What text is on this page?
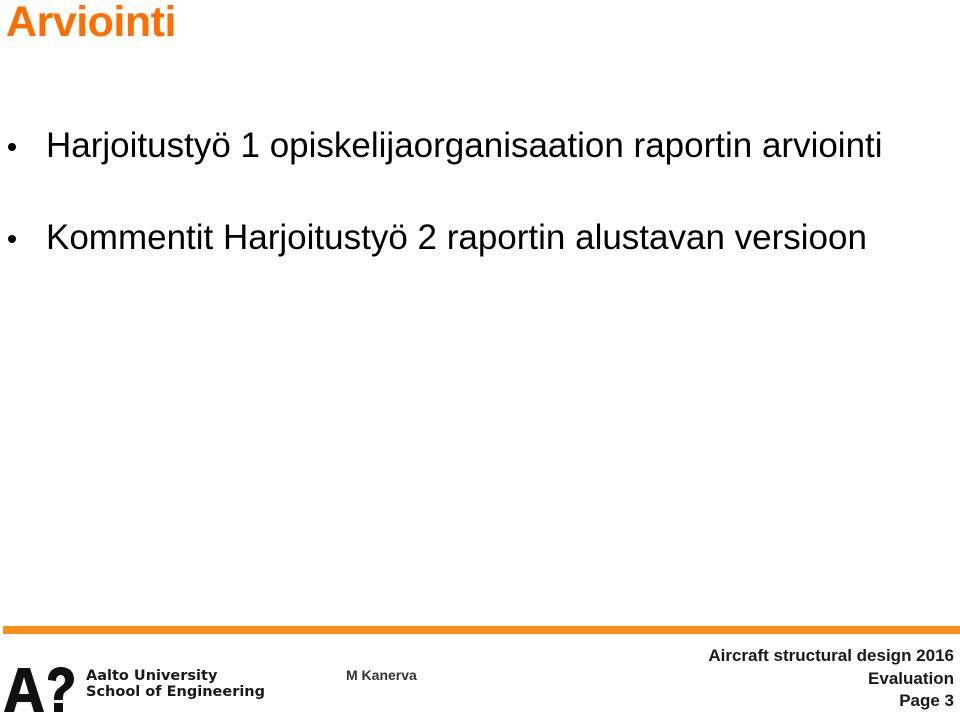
Arviointi
Harjoitustyö 1 opiskelijaorganisaation raportin arviointi
Kommentit Harjoitustyö 2 raportin alustavan versioon
Aalto University
School of Engineering
M Kanerva
Aircraft structural design 2016
Evaluation
Page 3
